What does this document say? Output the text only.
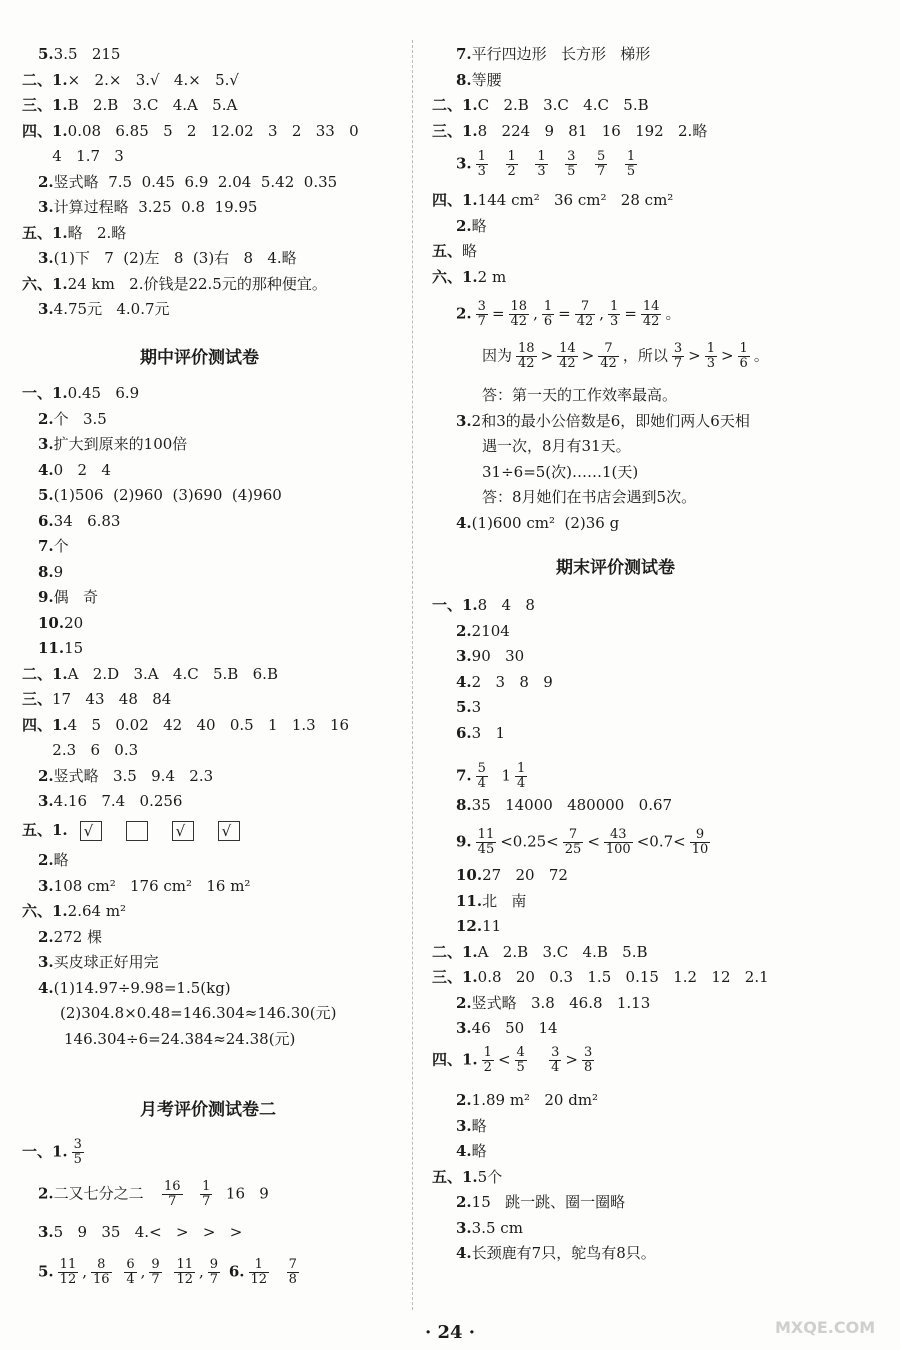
5.3.5   215
二、1.×   2.×   3.√   4.×   5.√
三、1.B   2.B   3.C   4.A   5.A
四、1.0.08   6.85   5   2   12.02   3   2   33   0
4   1.7   3
2.竖式略  7.5  0.45  6.9  2.04  5.42  0.35
3.计算过程略  3.25  0.8  19.95
五、1.略   2.略
3.(1)下   7  (2)左   8  (3)右   8   4.略
六、1.24 km   2.价钱是22.5元的那种便宜。
3.4.75元   4.0.7元
期中评价测试卷
一、1.0.45   6.9
2.个   3.5
3.扩大到原来的100倍
4.0   2   4
5.(1)506  (2)960  (3)690  (4)960
6.34   6.83
7.个
8.9
9.偶   奇
10.20
11.15
二、1.A   2.D   3.A   4.C   5.B   6.B
三、17   43   48   84
四、1.4   5   0.02   42   40   0.5   1   1.3   16
2.3   6   0.3
2.竖式略   3.5   9.4   2.3
3.4.16   7.4   0.256
五、1. √	√ √
2.略
3.108 cm²   176 cm²   16 m²
六、1.2.64 m²
2.272 棵
3.买皮球正好用完
4.(1)14.97÷9.98=1.5(kg)
(2)304.8×0.48=146.304≈146.30(元)
146.304÷6=24.384≈24.38(元)
月考评价测试卷二
一、1. $\frac{3}{5}$
2.二又七分之二 $\frac{16}{7}$
$\frac{1}{7} 16$   9
3.5   9   35   4.<   >   >   >
5. $\frac{11}{12}$ , $\frac{8}{16}$
$\frac{6}{4}$ , $\frac{9}{7}$
$\frac{11}{12}$ , $\frac{9}{7} 6$. $\frac{1}{12}$
$\frac{7}{8}$
7.平行四边形   长方形   梯形
8.等腰
二、1.C   2.B   3.C   4.C   5.B
三、1.8   224   9   81   16   192   2.略
3. $\frac{1}{3}$
$\frac{1}{2}$
$\frac{1}{3}$
$\frac{3}{5}$
$\frac{5}{7}$
$\frac{1}{5}$

四、1.144 cm²   36 cm²   28 cm²
2.略
五、略
六、1.2 m
2. $\frac{3}{7} = \frac{18}{42}$ , $\frac{1}{6} = \frac{7}{42}$ , $\frac{1}{3} = \frac{14}{42}$ 。
因为 $\frac{18}{42} > \frac{14}{42} > \frac{7}{42}$ ，所以 $\frac{3}{7} > \frac{1}{3} > \frac{1}{6}$ 。
答：第一天的工作效率最高。
3.2和3的最小公倍数是6，即她们两人6天相
遇一次，8月有31天。
31÷6=5(次)……1(天)
答：8月她们在书店会遇到5次。
4.(1)600 cm²  (2)36 g
期末评价测试卷
一、1.8   4   8
2.2104
3.90   30
4.2   3   8   9
5.3
6.3   1
7. $\frac{5}{4} 1 \frac{1}{4}$
8.35   14000   480000   0.67
9. $\frac{11}{45} <0.25< \frac{7}{25} < \frac{43}{100} <0.7< \frac{9}{10}$
10.27   20   72
11.北   南
12.11
二、1.A   2.B   3.C   4.B   5.B
三、1.0.8   20   0.3   1.5   0.15   1.2   12   2.1
2.竖式略   3.8   46.8   1.13
3.46   50   14
四、1. $\frac{1}{2} < \frac{4}{5}$
$\frac{3}{4} > \frac{3}{8}$
2.1.89 m²   20 dm²
3.略
4.略
五、1.5个
2.15   跳一跳、圈一圈略
3.3.5 cm
4.长颈鹿有7只，鸵鸟有8只。
· 24 ·	MXQE.COM
